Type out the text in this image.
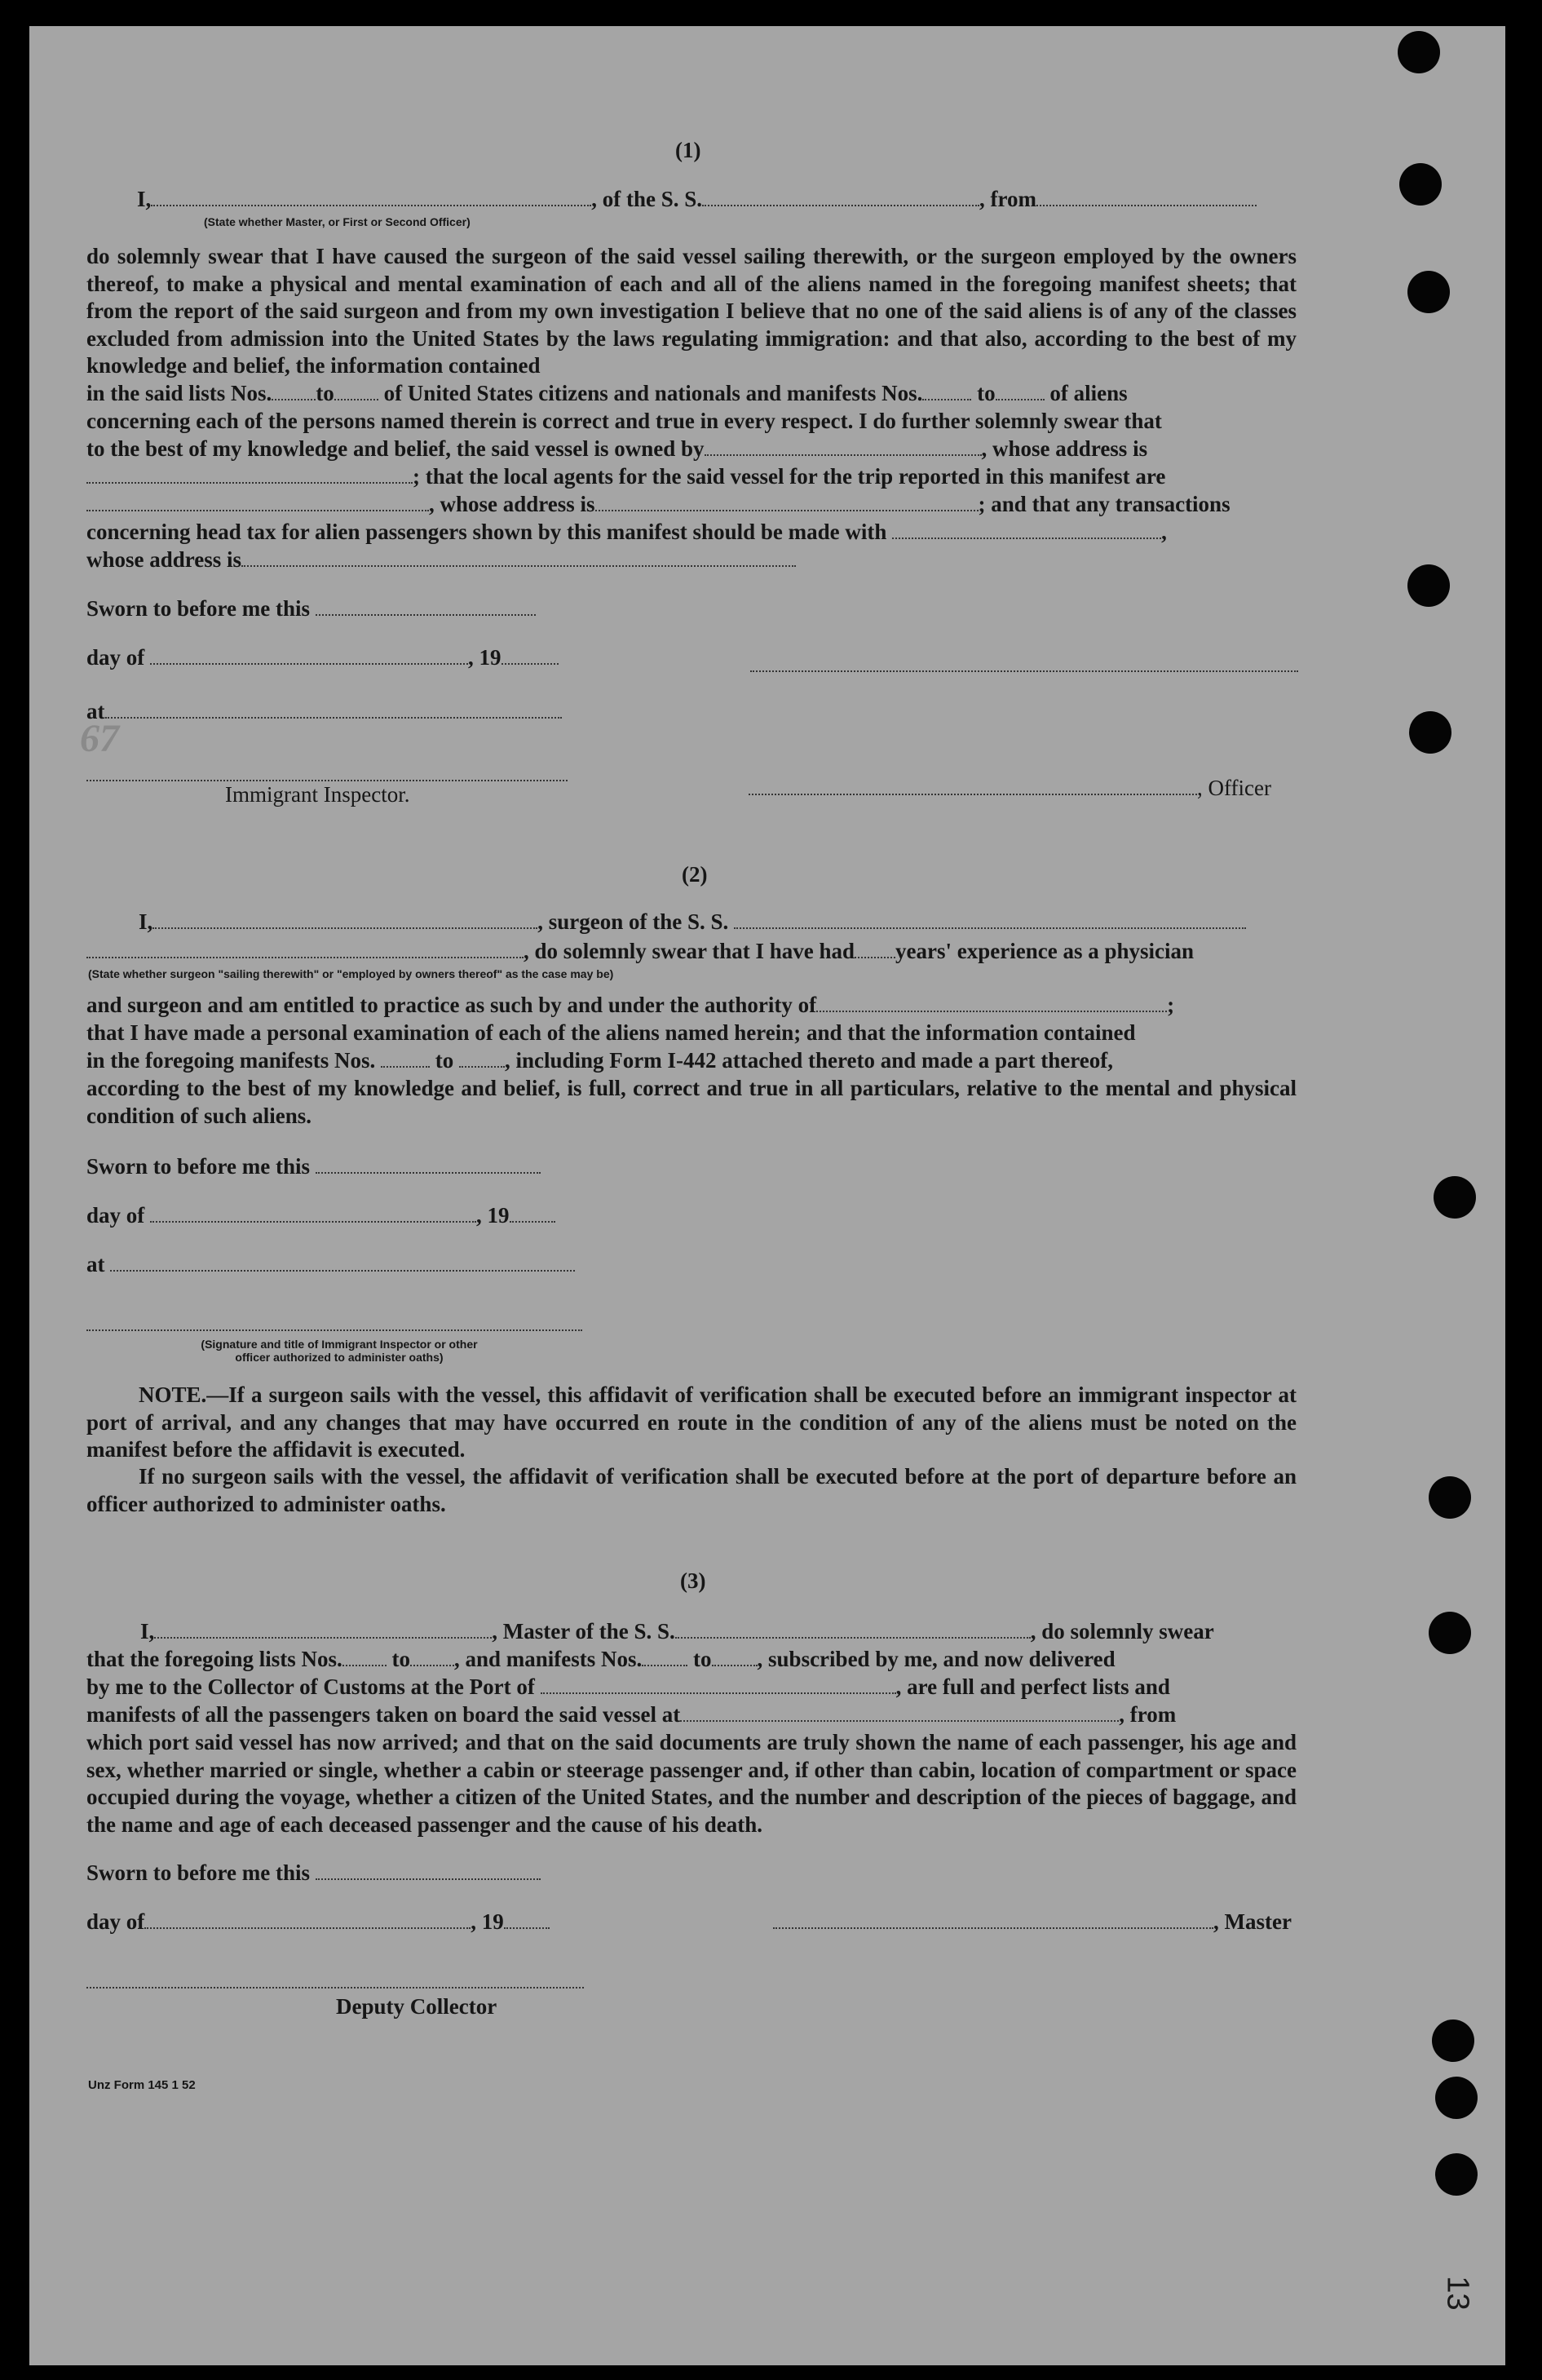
(1)
I,	, of the S. S.	, from
(State whether Master, or First or Second Officer)
do solemnly swear that I have caused the surgeon of the said vessel sailing therewith, or the surgeon employed by the owners thereof, to make a physical and mental examination of each and all of the aliens named in the foregoing manifest sheets; that from the report of the said surgeon and from my own investigation I believe that no one of the said aliens is of any of the classes excluded from admission into the United States by the laws regulating immigration: and that also, according to the best of my knowledge and belief, the information contained
in the said lists Nos. to of United States citizens and nationals and manifests Nos. to of aliens
concerning each of the persons named therein is correct and true in every respect. I do further solemnly swear that
to the best of my knowledge and belief, the said vessel is owned by	, whose address is
; that the local agents for the said vessel for the trip reported in this manifest are
, whose address is	; and that any transactions
concerning head tax for alien passengers shown by this manifest should be made with	,
whose address is
Sworn to before me this
day of	, 19
at
67
Immigrant Inspector.	, Officer
(2)
I,	, surgeon of the S. S.
, do solemnly swear that I have had years' experience as a physician
(State whether surgeon "sailing therewith" or "employed by owners thereof" as the case may be)
and surgeon and am entitled to practice as such by and under the authority of	;
that I have made a personal examination of each of the aliens named herein; and that the information contained
in the foregoing manifests Nos.	to , including Form I-442 attached thereto and made a part thereof,
according to the best of my knowledge and belief, is full, correct and true in all particulars, relative to the mental and physical condition of such aliens.
Sworn to before me this
day of	, 19
at
(Signature and title of Immigrant Inspector or other
officer authorized to administer oaths)
NOTE.—If a surgeon sails with the vessel, this affidavit of verification shall be executed before an immigrant inspector at port of arrival, and any changes that may have occurred en route in the condition of any of the aliens must be noted on the manifest before the affidavit is executed.
If no surgeon sails with the vessel, the affidavit of verification shall be executed before at the port of departure before an officer authorized to administer oaths.
(3)
I,	, Master of the S. S.	, do solemnly swear
that the foregoing lists Nos. to , and manifests Nos. to , subscribed by me, and now delivered
by me to the Collector of Customs at the Port of	, are full and perfect lists and
manifests of all the passengers taken on board the said vessel at	, from
which port said vessel has now arrived; and that on the said documents are truly shown the name of each passenger, his age and sex, whether married or single, whether a cabin or steerage passenger and, if other than cabin, location of compartment or space occupied during the voyage, whether a citizen of the United States, and the number and description of the pieces of baggage, and the name and age of each deceased passenger and the cause of his death.
Sworn to before me this
day of	, 19	, Master
Deputy Collector
Unz Form 145 1 52
13
